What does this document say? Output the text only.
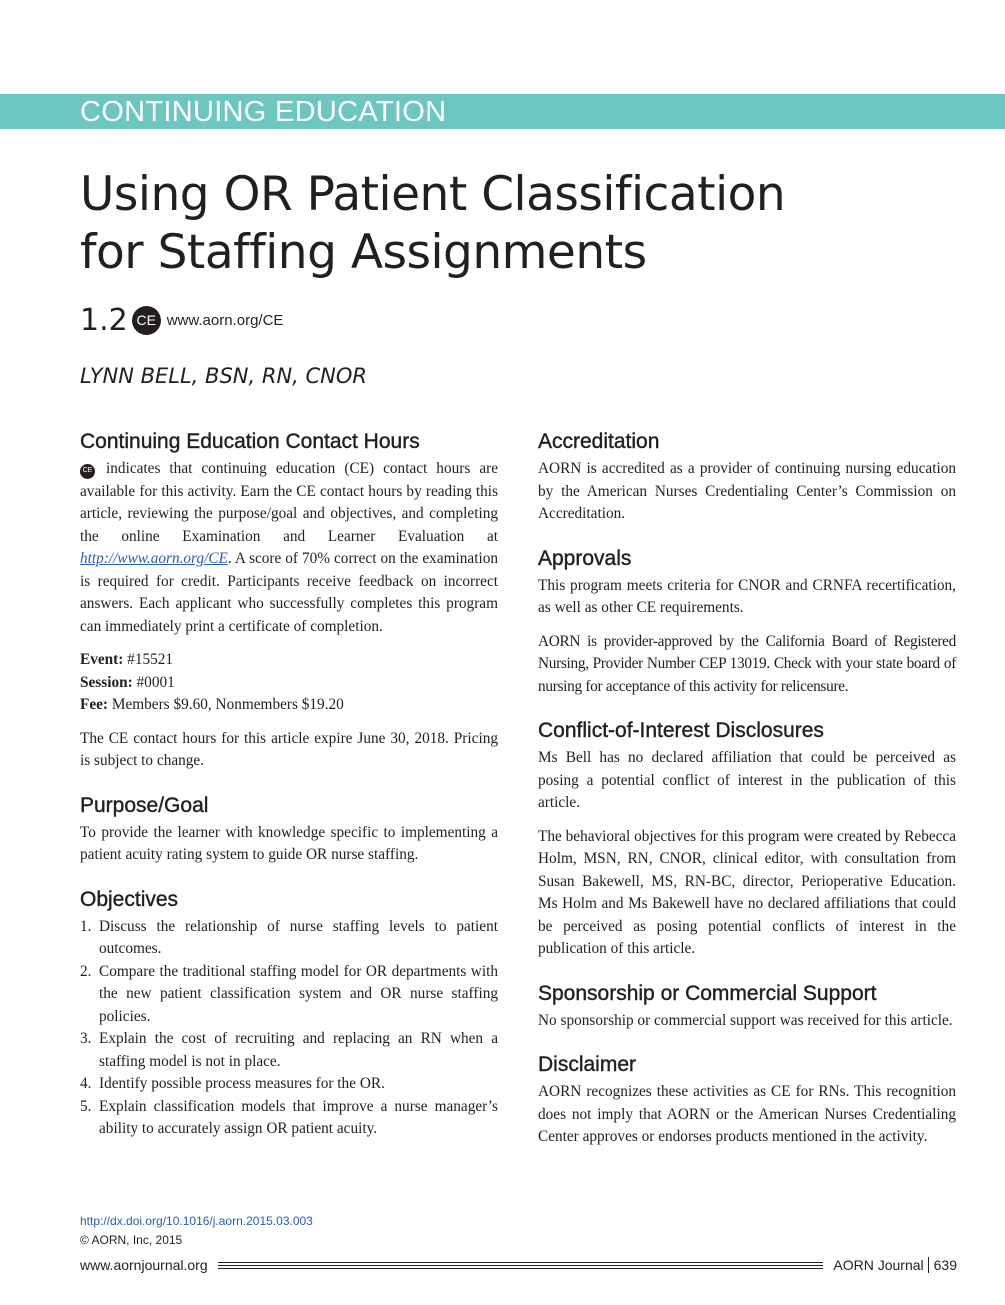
CONTINUING EDUCATION
Using OR Patient Classification
for Staffing Assignments
1.2 CE www.aorn.org/CE
LYNN BELL, BSN, RN, CNOR
Continuing Education Contact Hours

CE indicates that continuing education (CE) contact hours are available for this activity. Earn the CE contact hours by reading this article, reviewing the purpose/goal and objectives, and completing the online Examination and Learner Evaluation at http://www.aorn.org/CE. A score of 70% correct on the examination is required for credit. Participants receive feedback on incorrect answers. Each applicant who successfully completes this program can immediately print a certificate of completion.

Event: #15521
Session: #0001
Fee: Members $9.60, Nonmembers $19.20

The CE contact hours for this article expire June 30, 2018. Pricing is subject to change.

Purpose/Goal

To provide the learner with knowledge specific to implementing a patient acuity rating system to guide OR nurse staffing.

Objectives
1. Discuss the relationship of nurse staffing levels to patient outcomes.
2. Compare the traditional staffing model for OR departments with the new patient classification system and OR nurse staffing policies.
3. Explain the cost of recruiting and replacing an RN when a staffing model is not in place.
4. Identify possible process measures for the OR.
5. Explain classification models that improve a nurse manager’s ability to accurately assign OR patient acuity.
Accreditation

AORN is accredited as a provider of continuing nursing education by the American Nurses Credentialing Center’s Commission on Accreditation.

Approvals

This program meets criteria for CNOR and CRNFA recertification, as well as other CE requirements.

AORN is provider-approved by the California Board of Registered Nursing, Provider Number CEP 13019. Check with your state board of nursing for acceptance of this activity for relicensure.

Conflict-of-Interest Disclosures

Ms Bell has no declared affiliation that could be perceived as posing a potential conflict of interest in the publication of this article.

The behavioral objectives for this program were created by Rebecca Holm, MSN, RN, CNOR, clinical editor, with consultation from Susan Bakewell, MS, RN-BC, director, Perioperative Education. Ms Holm and Ms Bakewell have no declared affiliations that could be perceived as posing potential conflicts of interest in the publication of this article.

Sponsorship or Commercial Support

No sponsorship or commercial support was received for this article.

Disclaimer

AORN recognizes these activities as CE for RNs. This recognition does not imply that AORN or the American Nurses Credentialing Center approves or endorses products mentioned in the activity.

http://dx.doi.org/10.1016/j.aorn.2015.03.003
© AORN, Inc, 2015
www.aornjournal.org	AORN Journal 639
